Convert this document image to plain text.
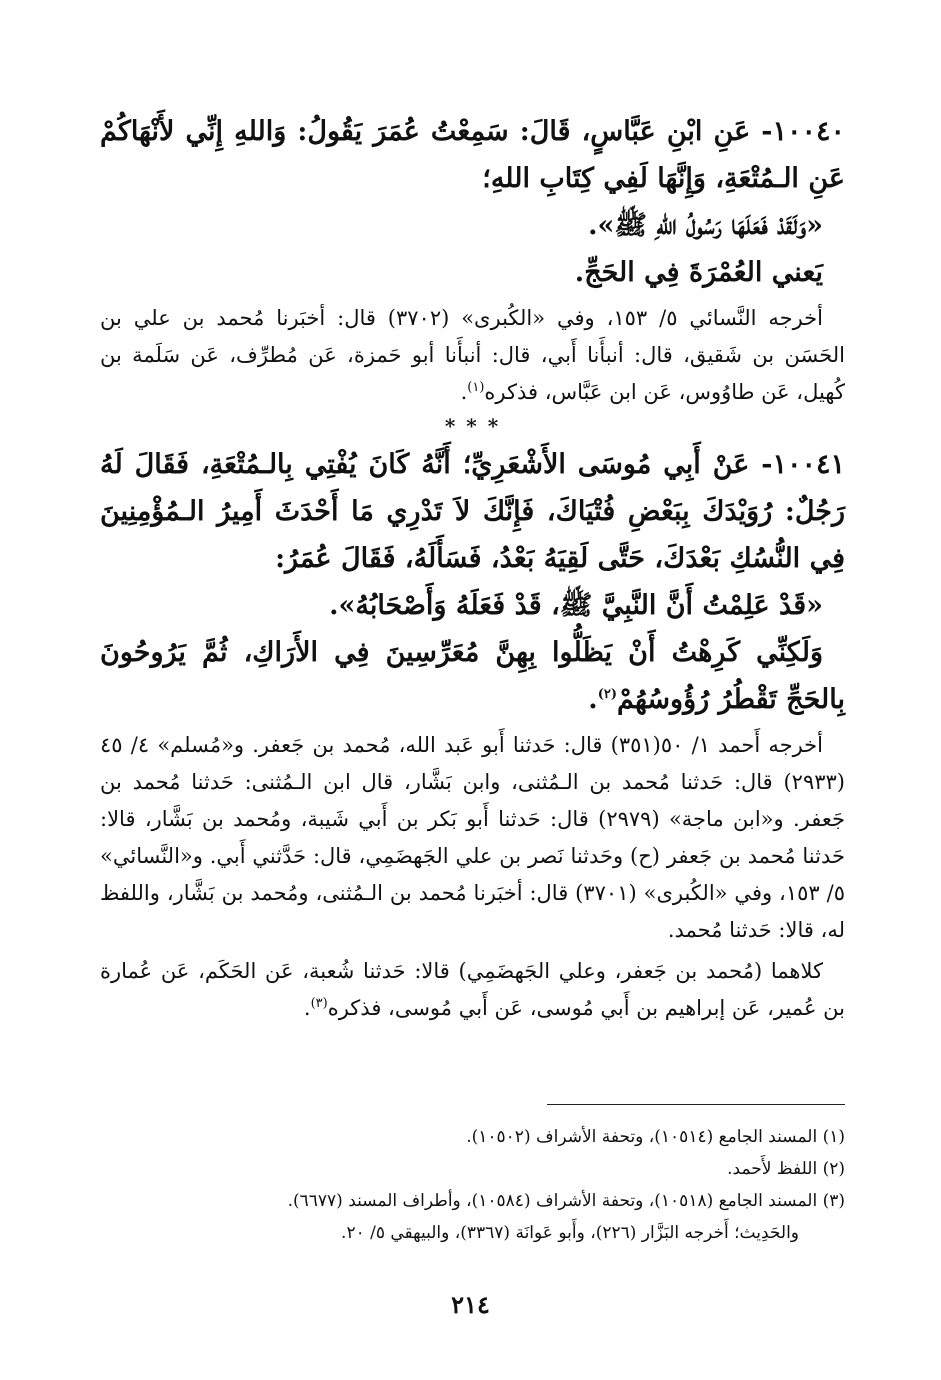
١٠٠٤٠- عَنِ ابْنِ عَبَّاسٍ، قَالَ: سَمِعْتُ عُمَرَ يَقُولُ: وَاللهِ إِنِّي لأَنْهَاكُمْ عَنِ الـمُتْعَةِ، وَإِنَّهَا لَفِي كِتَابِ اللهِ؛

«وَلَقَدْ فَعَلَهَا رَسُولُ اللهِ ﷺ».

يَعني العُمْرَةَ فِي الحَجِّ.

أخرجه النَّسائي ٥/ ١٥٣، وفي «الكُبرى» (٣٧٠٢) قال: أخبَرنا مُحمد بن علي بن الحَسَن بن شَقيق، قال: أنبأَنا أَبي، قال: أنبأَنا أبو حَمزة، عَن مُطرِّف، عَن سَلَمة بن كُهيل، عَن طاوُوس، عَن ابن عَبَّاس، فذكره$^{(١)}$.

* * *

١٠٠٤١- عَنْ أَبِي مُوسَى الأَشْعَرِيِّ؛ أَنَّهُ كَانَ يُفْتِي بِالـمُتْعَةِ، فَقَالَ لَهُ رَجُلٌ: رُوَيْدَكَ بِبَعْضِ فُتْيَاكَ، فَإِنَّكَ لاَ تَدْرِي مَا أَحْدَثَ أَمِيرُ الـمُؤْمِنِينَ فِي النُّسُكِ بَعْدَكَ، حَتَّى لَقِيَهُ بَعْدُ، فَسَأَلَهُ، فَقَالَ عُمَرُ:

«قَدْ عَلِمْتُ أَنَّ النَّبِيَّ ﷺ، قَدْ فَعَلَهُ وَأَصْحَابُهُ».

وَلَكِنِّي كَرِهْتُ أَنْ يَظَلُّوا بِهِنَّ مُعَرِّسِينَ فِي الأَرَاكِ، ثُمَّ يَرُوحُونَ بِالحَجِّ تَقْطُرُ رُؤُوسُهُمْ$^{(٢)}$.

أخرجه أَحمد ١/ ٥٠(٣٥١) قال: حَدثنا أَبو عَبد الله، مُحمد بن جَعفر. و«مُسلم» ٤/ ٤٥ (٢٩٣٣) قال: حَدثنا مُحمد بن الـمُثنى، وابن بَشَّار، قال ابن الـمُثنى: حَدثنا مُحمد بن جَعفر. و«ابن ماجة» (٢٩٧٩) قال: حَدثنا أَبو بَكر بن أَبي شَيبة، ومُحمد بن بَشَّار، قالا: حَدثنا مُحمد بن جَعفر (ح) وحَدثنا نَصر بن علي الجَهضَمِي، قال: حَدَّثني أَبي. و«النَّسائي» ٥/ ١٥٣، وفي «الكُبرى» (٣٧٠١) قال: أخبَرنا مُحمد بن الـمُثنى، ومُحمد بن بَشَّار، واللفظ له، قالا: حَدثنا مُحمد.

كلاهما (مُحمد بن جَعفر، وعلي الجَهضَمِي) قالا: حَدثنا شُعبة، عَن الحَكَم، عَن عُمارة بن عُمير، عَن إبراهيم بن أَبي مُوسى، عَن أَبي مُوسى، فذكره$^{(٣)}$.

(١) المسند الجامع (١٠٥١٤)، وتحفة الأشراف (١٠٥٠٢).

(٢) اللفظ لأَحمد.

(٣) المسند الجامع (١٠٥١٨)، وتحفة الأشراف (١٠٥٨٤)، وأطراف المسند (٦٦٧٧).

والحَدِيث؛ أَخرجه البَزَّار (٢٢٦)، وأَبو عَوانَة (٣٣٦٧)، والبيهقي ٥/ ٢٠.

٢١٤
